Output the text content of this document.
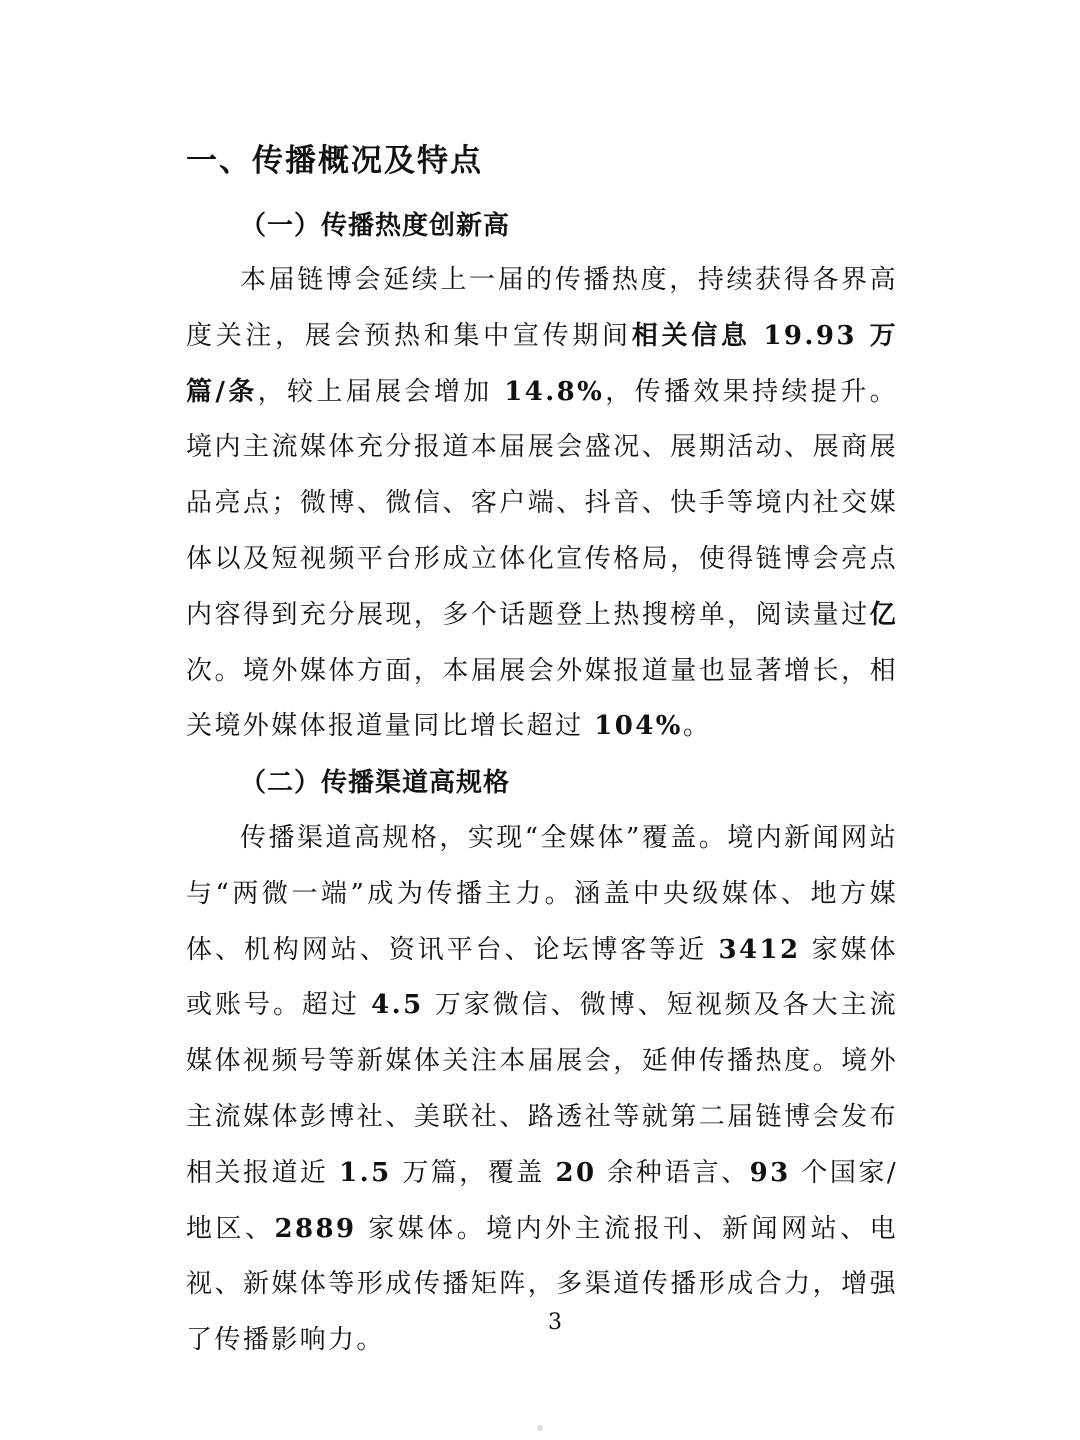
一、传播概况及特点
（一）传播热度创新高

本届链博会延续上一届的传播热度，持续获得各界高度关注，展会预热和集中宣传期间相关信息 19.93 万篇/条，较上届展会增加 14.8%，传播效果持续提升。境内主流媒体充分报道本届展会盛况、展期活动、展商展品亮点；微博、微信、客户端、抖音、快手等境内社交媒体以及短视频平台形成立体化宣传格局，使得链博会亮点内容得到充分展现，多个话题登上热搜榜单，阅读量过亿次。境外媒体方面，本届展会外媒报道量也显著增长，相关境外媒体报道量同比增长超过 104%。

（二）传播渠道高规格

传播渠道高规格，实现“全媒体”覆盖。境内新闻网站与“两微一端”成为传播主力。涵盖中央级媒体、地方媒体、机构网站、资讯平台、论坛博客等近 3412 家媒体或账号。超过 4.5 万家微信、微博、短视频及各大主流媒体视频号等新媒体关注本届展会，延伸传播热度。境外主流媒体彭博社、美联社、路透社等就第二届链博会发布相关报道近 1.5 万篇，覆盖 20 余种语言、93 个国家/地区、2889 家媒体。境内外主流报刊、新闻网站、电视、新媒体等形成传播矩阵，多渠道传播形成合力，增强了传播影响力。

3
